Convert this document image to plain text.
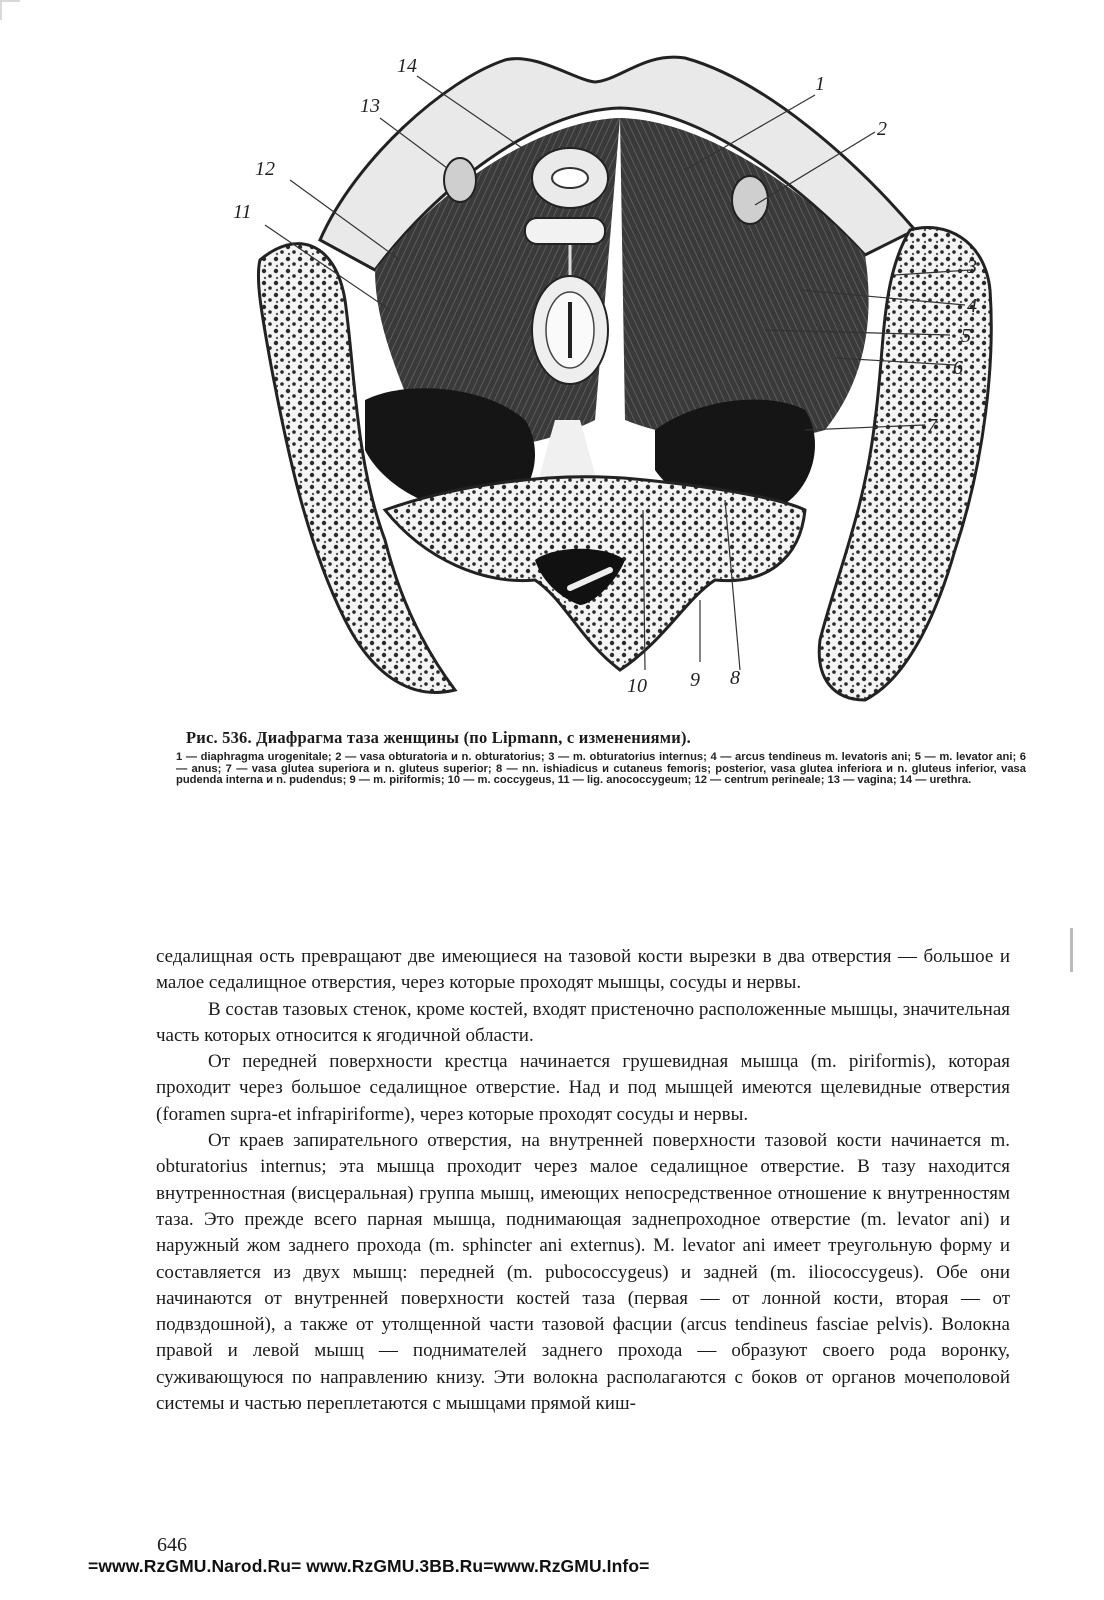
14
13
12
11
1
2
3
4
5
6
7
8
9
10

Рис. 536. Диафрагма таза женщины (по Lipmann, с изменениями).

1 — diaphragma urogenitale; 2 — vasa obturatoria и n. obturatorius; 3 — m. obturatorius internus; 4 — arcus tendineus m. levatoris ani; 5 — m. levator ani; 6 — anus; 7 — vasa glutea superiora и n. gluteus superior; 8 — nn. ishiadicus и cutaneus femoris; posterior, vasa glutea inferiora и n. gluteus inferior, vasa pudenda interna и n. pudendus; 9 — m. piriformis; 10 — m. coccygeus, 11 — lig. anococcygeum; 12 — centrum perineale; 13 — vagina; 14 — urethra.

седалищная ость превращают две имеющиеся на тазовой кости вырезки в два отверстия — большое и малое седалищное отверстия, через которые проходят мышцы, сосуды и нервы.

В состав тазовых стенок, кроме костей, входят пристеночно расположенные мышцы, значительная часть которых относится к ягодичной области.

От передней поверхности крестца начинается грушевидная мышца (m. piriformis), которая проходит через большое седалищное отверстие. Над и под мышцей имеются щелевидные отверстия (foramen supra-et infrapiriforme), через которые проходят сосуды и нервы.

От краев запирательного отверстия, на внутренней поверхности тазовой кости начинается m. obturatorius internus; эта мышца проходит через малое седалищное отверстие. В тазу находится внутренностная (висцеральная) группа мышц, имеющих непосредственное отношение к внутренностям таза. Это прежде всего парная мышца, поднимающая заднепроходное отверстие (m. levator ani) и наружный жом заднего прохода (m. sphincter ani externus). M. levator ani имеет треугольную форму и составляется из двух мышц: передней (m. pubococcygeus) и задней (m. iliococcygeus). Обе они начинаются от внутренней поверхности костей таза (первая — от лонной кости, вторая — от подвздошной), а также от утолщенной части тазовой фасции (arcus tendineus fasciae pelvis). Волокна правой и левой мышц — поднимателей заднего прохода — образуют своего рода воронку, суживающуюся по направлению книзу. Эти волокна располагаются с боков от органов мочеполовой системы и частью переплетаются с мышцами прямой киш-

646
=www.RzGMU.Narod.Ru= www.RzGMU.3BB.Ru=www.RzGMU.Info=
